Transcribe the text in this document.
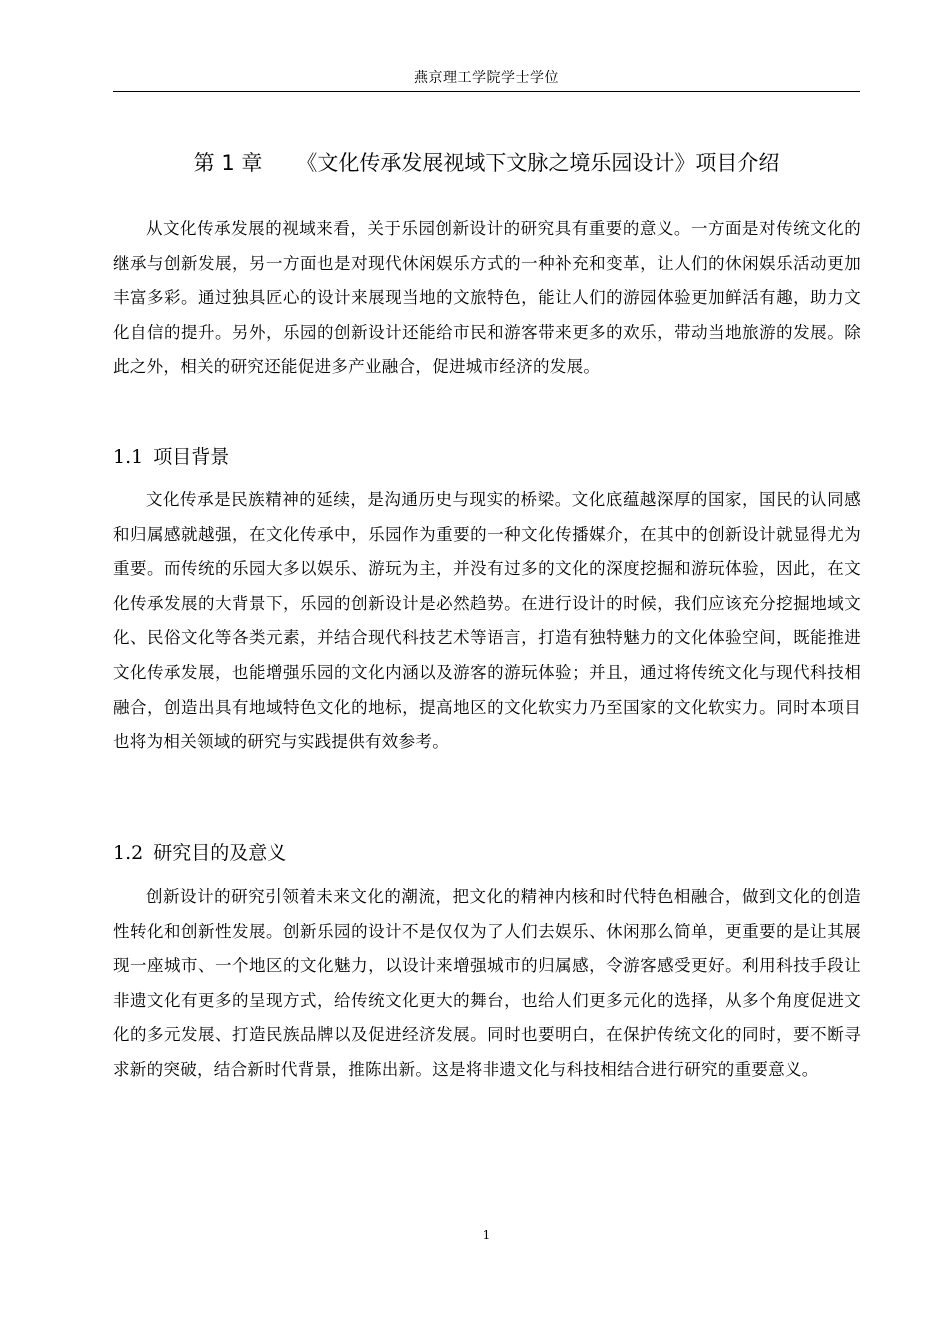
燕京理工学院学士学位
第 1 章 《文化传承发展视域下文脉之境乐园设计》项目介绍

从文化传承发展的视域来看，关于乐园创新设计的研究具有重要的意义。一方面是对传统文化的继承与创新发展，另一方面也是对现代休闲娱乐方式的一种补充和变革，让人们的休闲娱乐活动更加丰富多彩。通过独具匠心的设计来展现当地的文旅特色，能让人们的游园体验更加鲜活有趣，助力文化自信的提升。另外，乐园的创新设计还能给市民和游客带来更多的欢乐，带动当地旅游的发展。除此之外，相关的研究还能促进多产业融合，促进城市经济的发展。

1.1 项目背景

文化传承是民族精神的延续，是沟通历史与现实的桥梁。文化底蕴越深厚的国家，国民的认同感和归属感就越强，在文化传承中，乐园作为重要的一种文化传播媒介，在其中的创新设计就显得尤为重要。而传统的乐园大多以娱乐、游玩为主，并没有过多的文化的深度挖掘和游玩体验，因此，在文化传承发展的大背景下，乐园的创新设计是必然趋势。在进行设计的时候，我们应该充分挖掘地域文化、民俗文化等各类元素，并结合现代科技艺术等语言，打造有独特魅力的文化体验空间，既能推进文化传承发展，也能增强乐园的文化内涵以及游客的游玩体验；并且，通过将传统文化与现代科技相融合，创造出具有地域特色文化的地标，提高地区的文化软实力乃至国家的文化软实力。同时本项目也将为相关领域的研究与实践提供有效参考。

1.2 研究目的及意义

创新设计的研究引领着未来文化的潮流，把文化的精神内核和时代特色相融合，做到文化的创造性转化和创新性发展。创新乐园的设计不是仅仅为了人们去娱乐、休闲那么简单，更重要的是让其展现一座城市、一个地区的文化魅力，以设计来增强城市的归属感，令游客感受更好。利用科技手段让非遗文化有更多的呈现方式，给传统文化更大的舞台，也给人们更多元化的选择，从多个角度促进文化的多元发展、打造民族品牌以及促进经济发展。同时也要明白，在保护传统文化的同时，要不断寻求新的突破，结合新时代背景，推陈出新。这是将非遗文化与科技相结合进行研究的重要意义。

1
